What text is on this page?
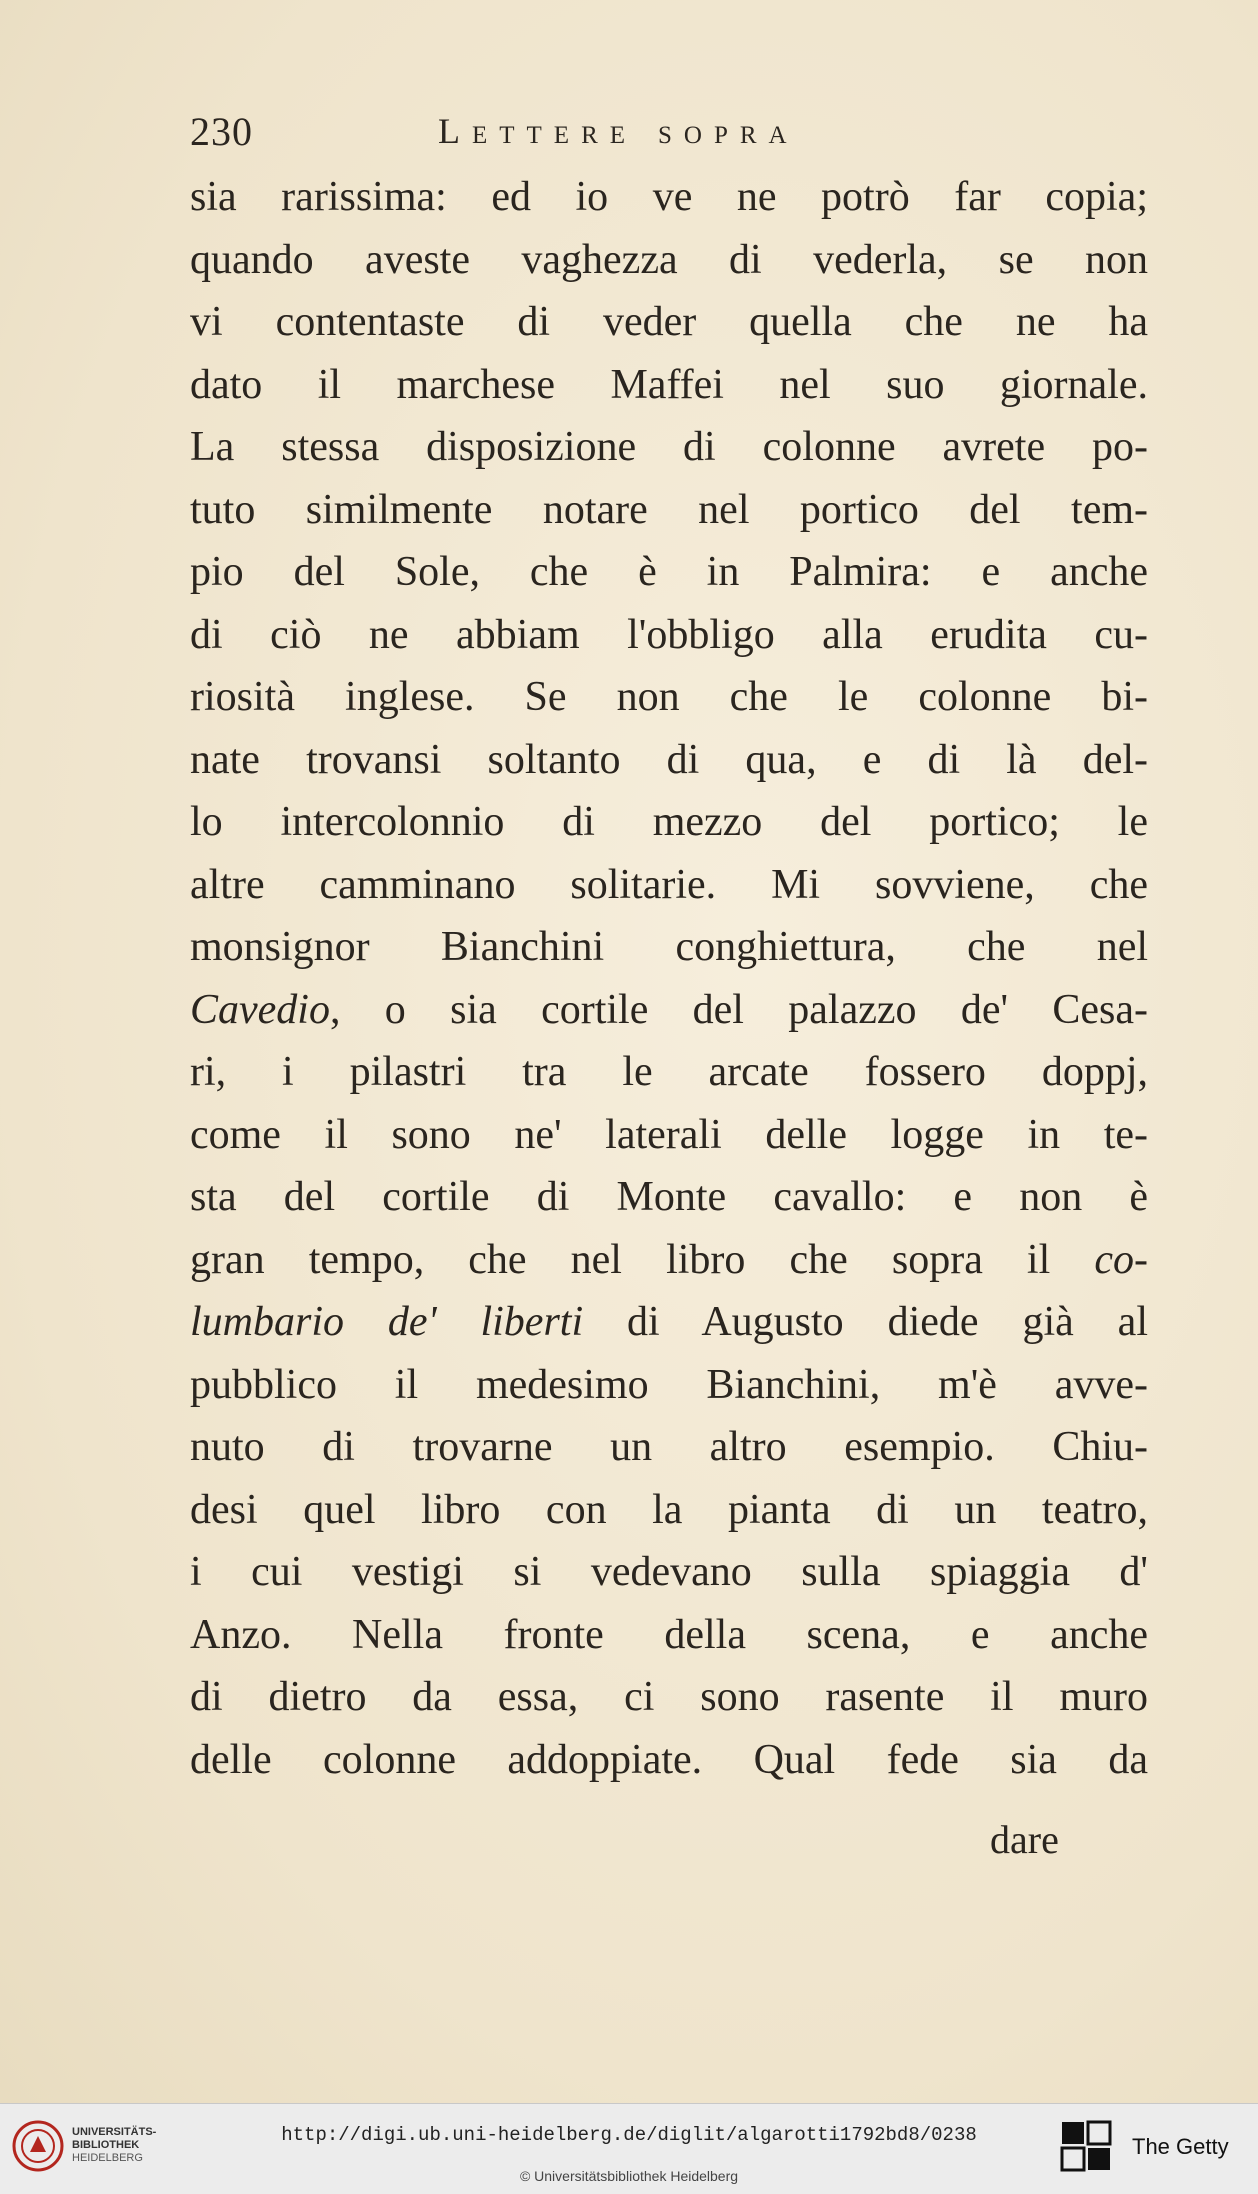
230	Lettere sopra
sia rarissima: ed io ve ne potrò far copia;
quando aveste vaghezza di vederla, se non
vi contentaste di veder quella che ne ha
dato il marchese Maffei nel suo giornale.
La stessa disposizione di colonne avrete po-
tuto similmente notare nel portico del tem-
pio del Sole, che è in Palmira: e anche
di ciò ne abbiam l'obbligo alla erudita cu-
riosità inglese. Se non che le colonne bi-
nate trovansi soltanto di qua, e di là del-
lo intercolonnio di mezzo del portico; le
altre camminano solitarie. Mi sovviene, che
monsignor Bianchini conghiettura, che nel
Cavedio, o sia cortile del palazzo de' Cesa-
ri, i pilastri tra le arcate fossero doppj,
come il sono ne' laterali delle logge in te-
sta del cortile di Monte cavallo: e non è
gran tempo, che nel libro che sopra il co-
lumbario de' liberti di Augusto diede già al
pubblico il medesimo Bianchini, m'è avve-
nuto di trovarne un altro esempio. Chiu-
desi quel libro con la pianta di un teatro,
i cui vestigi si vedevano sulla spiaggia d'
Anzo. Nella fronte della scena, e anche
di dietro da essa, ci sono rasente il muro
delle colonne addoppiate. Qual fede sia da
dare
UNIVERSITÄTS-
BIBLIOTHEK
HEIDELBERG
http://digi.ub.uni-heidelberg.de/diglit/algarotti1792bd8/0238
© Universitätsbibliothek Heidelberg
The Getty
